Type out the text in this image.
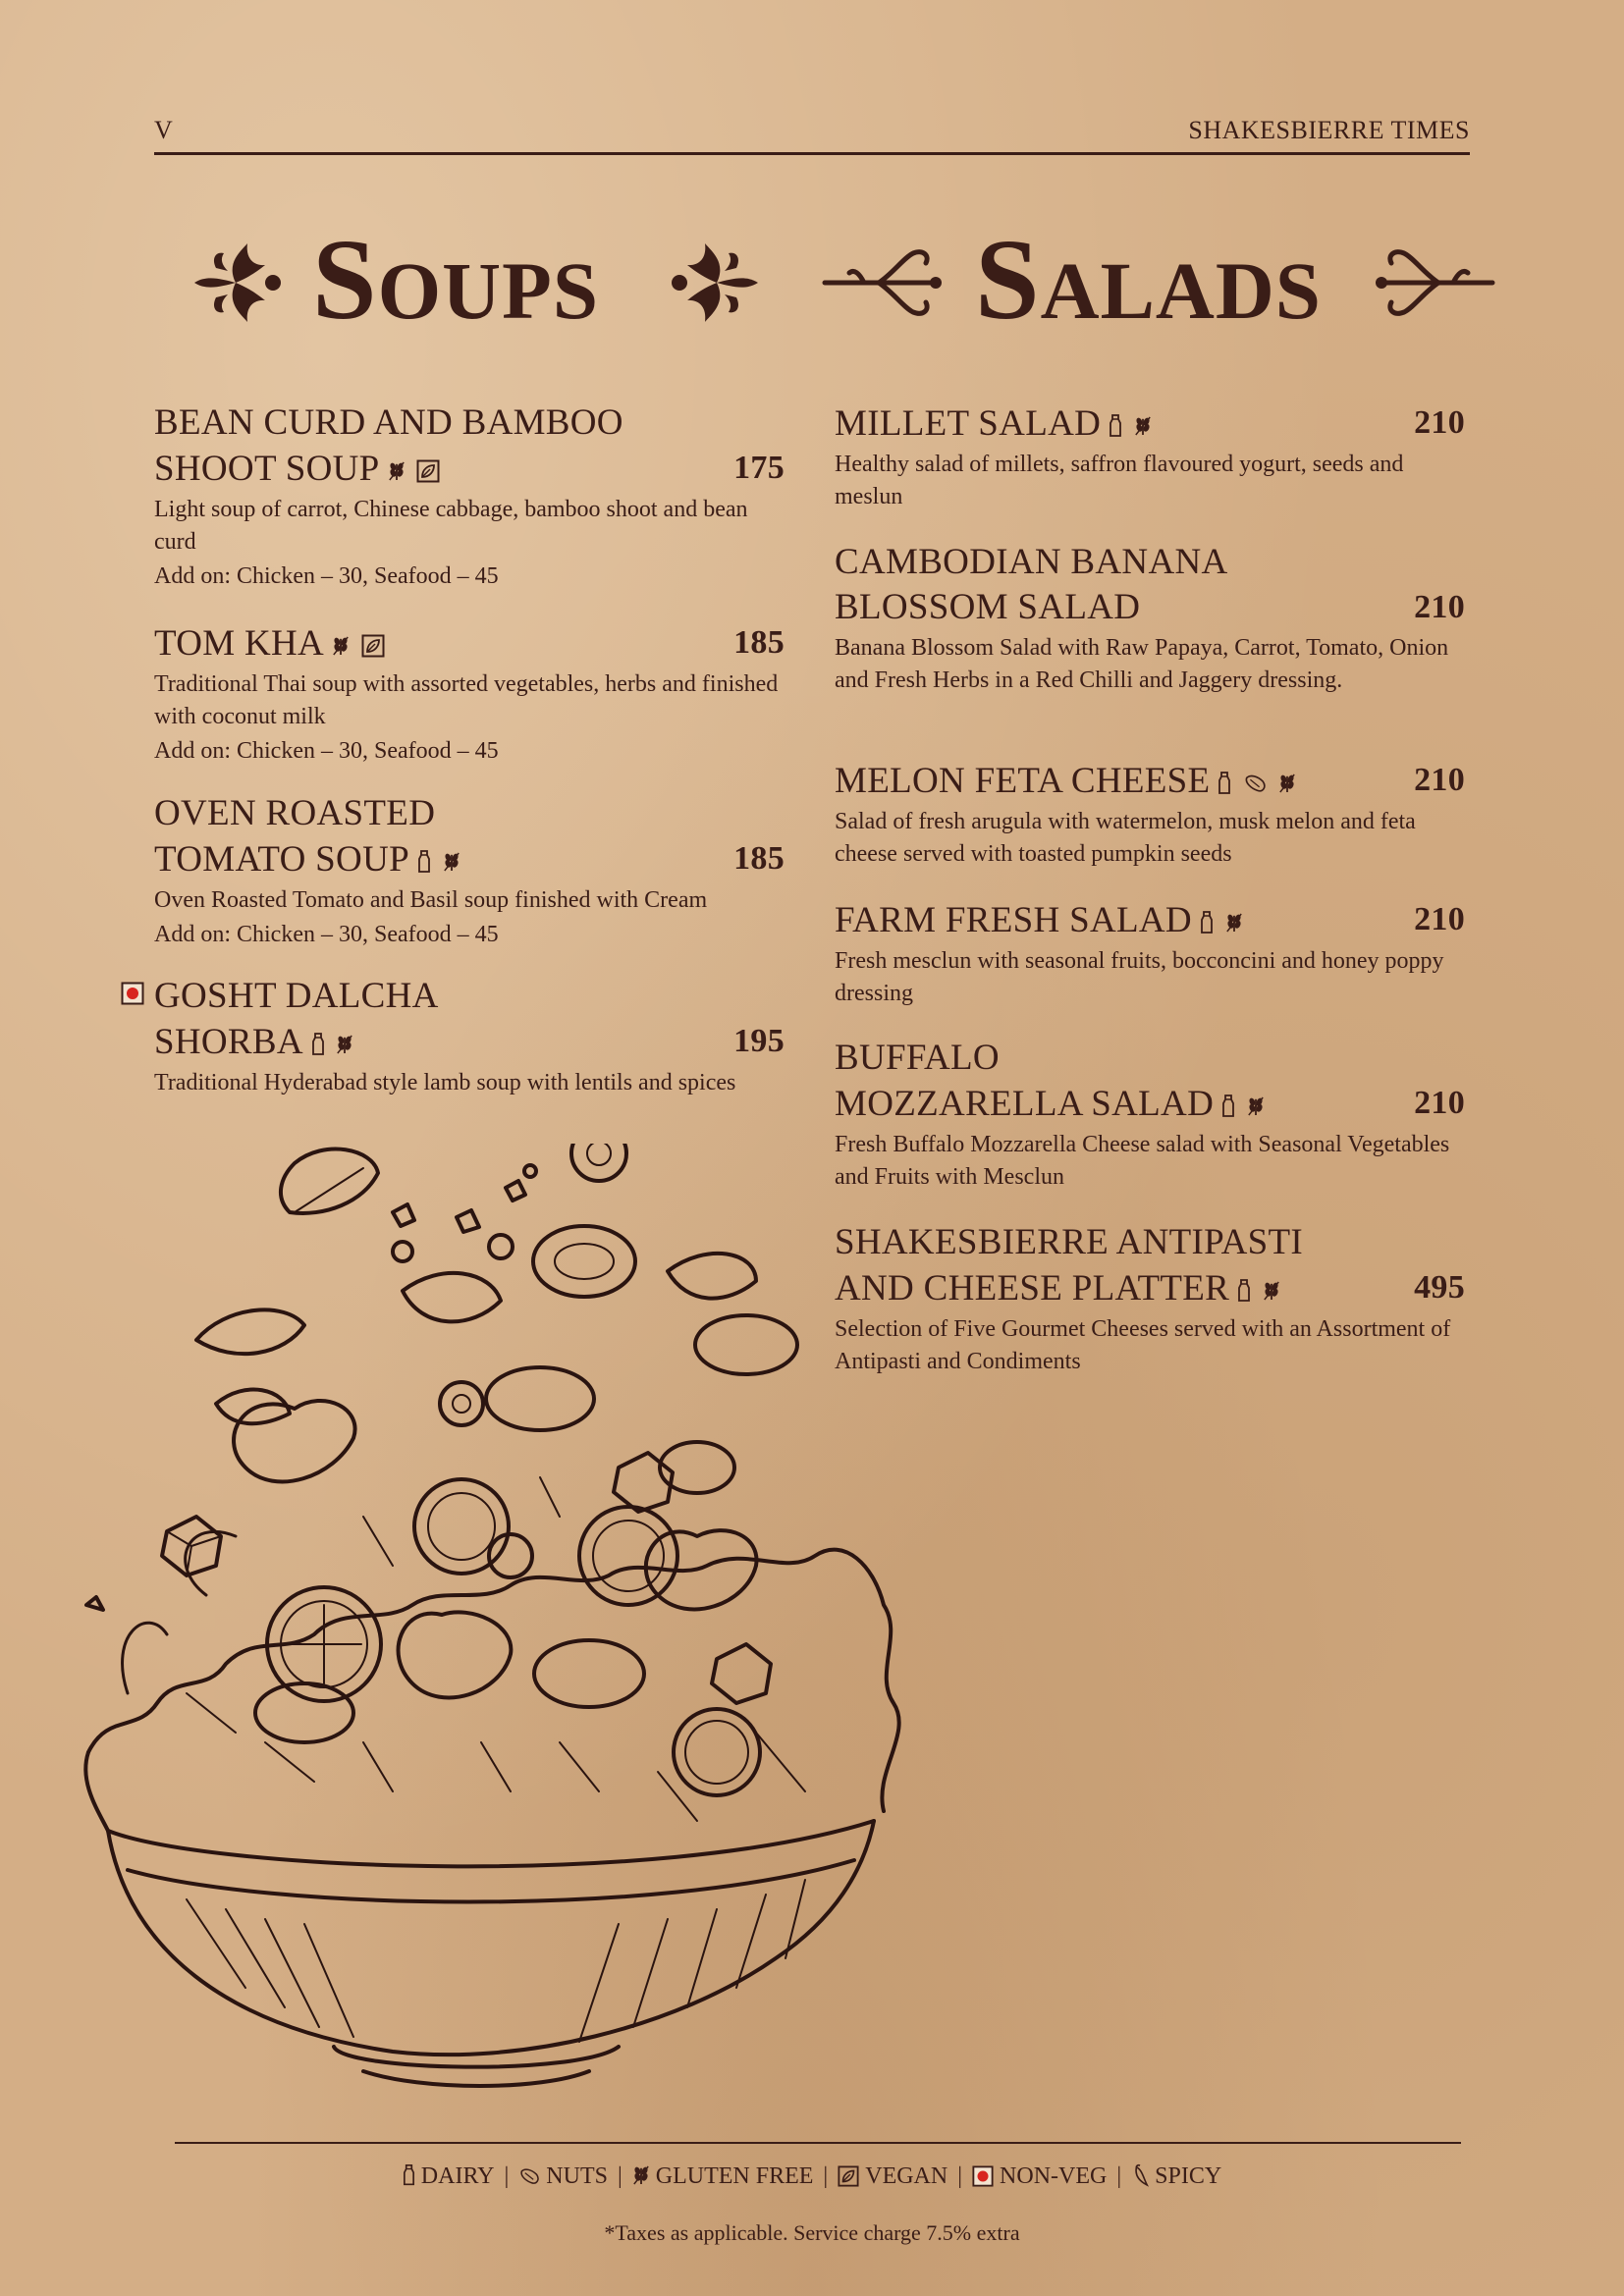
V	SHAKESBIERRE TIMES
Soups	Salads
BEAN CURD AND BAMBOO
SHOOT SOUP	175
Light soup of carrot, Chinese cabbage, bamboo shoot and bean curd
Add on: Chicken – 30, Seafood – 45
TOM KHA	185
Traditional Thai soup with assorted vegetables, herbs and finished with coconut milk
Add on: Chicken – 30, Seafood – 45
OVEN ROASTED
TOMATO SOUP	185
Oven Roasted Tomato and Basil soup finished with Cream
Add on: Chicken – 30, Seafood – 45
GOSHT DALCHA
SHORBA	195
Traditional Hyderabad style lamb soup with lentils and spices
MILLET SALAD	210
Healthy salad of millets, saffron flavoured yogurt, seeds and meslun
CAMBODIAN BANANA
BLOSSOM SALAD	210
Banana Blossom Salad with Raw Papaya, Carrot, Tomato, Onion and Fresh Herbs in a Red Chilli and Jaggery dressing.
MELON FETA CHEESE	210
Salad of fresh arugula with watermelon, musk melon and feta cheese served with toasted pumpkin seeds
FARM FRESH SALAD	210
Fresh mesclun with seasonal fruits, bocconcini and honey poppy dressing
BUFFALO
MOZZARELLA SALAD	210
Fresh Buffalo Mozzarella Cheese salad with Seasonal Vegetables and Fruits with Mesclun
SHAKESBIERRE ANTIPASTI
AND CHEESE PLATTER	495
Selection of Five Gourmet Cheeses served with an Assortment of Antipasti and Condiments
DAIRY | NUTS | GLUTEN FREE | VEGAN | NON-VEG | SPICY
*Taxes as applicable. Service charge 7.5% extra
